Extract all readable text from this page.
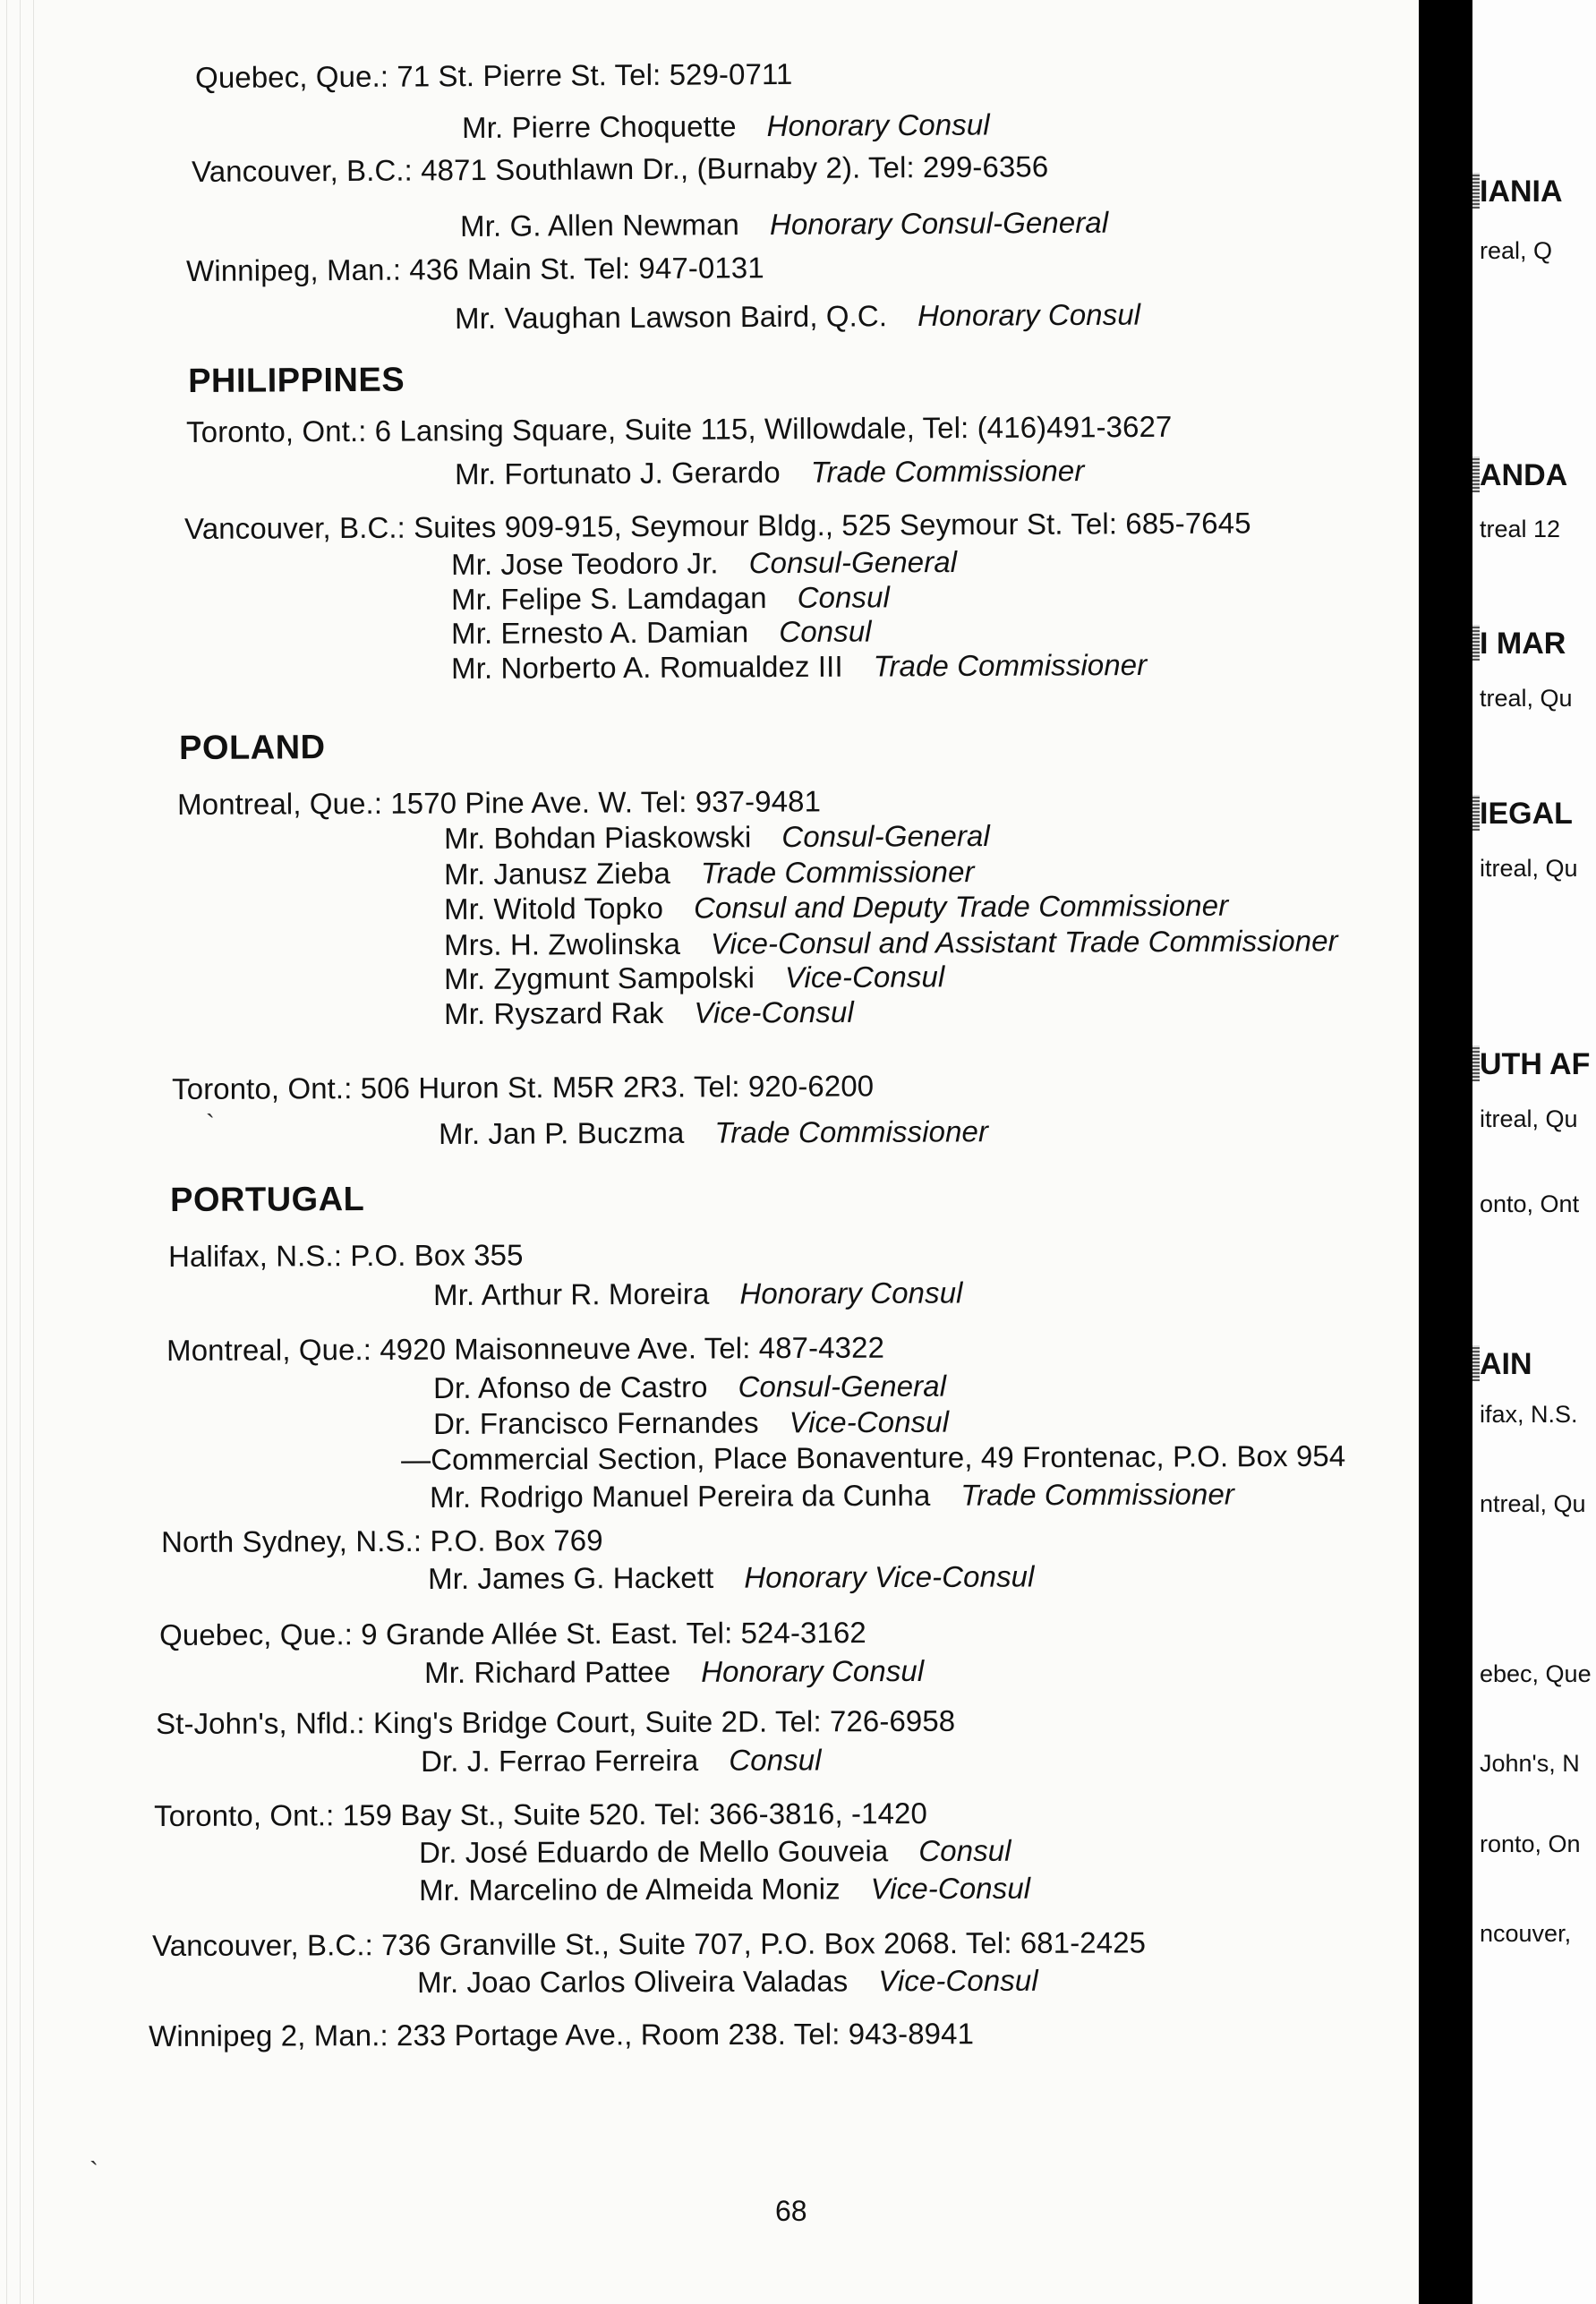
Quebec, Que.: 71 St. Pierre St. Tel: 529-0711
Mr. Pierre Choquette Honorary Consul
Vancouver, B.C.: 4871 Southlawn Dr., (Burnaby 2). Tel: 299-6356
Mr. G. Allen Newman Honorary Consul-General
Winnipeg, Man.: 436 Main St. Tel: 947-0131
Mr. Vaughan Lawson Baird, Q.C. Honorary Consul
PHILIPPINES
Toronto, Ont.: 6 Lansing Square, Suite 115, Willowdale, Tel: (416)491-3627
Mr. Fortunato J. Gerardo Trade Commissioner
Vancouver, B.C.: Suites 909-915, Seymour Bldg., 525 Seymour St. Tel: 685-7645
Mr. Jose Teodoro Jr. Consul-General
Mr. Felipe S. Lamdagan Consul
Mr. Ernesto A. Damian Consul
Mr. Norberto A. Romualdez III Trade Commissioner
POLAND
Montreal, Que.: 1570 Pine Ave. W. Tel: 937-9481
Mr. Bohdan Piaskowski Consul-General
Mr. Janusz Zieba Trade Commissioner
Mr. Witold Topko Consul and Deputy Trade Commissioner
Mrs. H. Zwolinska Vice-Consul and Assistant Trade Commissioner
Mr. Zygmunt Sampolski Vice-Consul
Mr. Ryszard Rak Vice-Consul
Toronto, Ont.: 506 Huron St. M5R 2R3. Tel: 920-6200
Mr. Jan P. Buczma Trade Commissioner
PORTUGAL
Halifax, N.S.: P.O. Box 355
Mr. Arthur R. Moreira Honorary Consul
Montreal, Que.: 4920 Maisonneuve Ave. Tel: 487-4322
Dr. Afonso de Castro Consul-General
Dr. Francisco Fernandes Vice-Consul
—Commercial Section, Place Bonaventure, 49 Frontenac, P.O. Box 954
Mr. Rodrigo Manuel Pereira da Cunha Trade Commissioner
North Sydney, N.S.: P.O. Box 769
Mr. James G. Hackett Honorary Vice-Consul
Quebec, Que.: 9 Grande Allée St. East. Tel: 524-3162
Mr. Richard Pattee Honorary Consul
St-John's, Nfld.: King's Bridge Court, Suite 2D. Tel: 726-6958
Dr. J. Ferrao Ferreira Consul
Toronto, Ont.: 159 Bay St., Suite 520. Tel: 366-3816, -1420
Dr. José Eduardo de Mello Gouveia Consul
Mr. Marcelino de Almeida Moniz Vice-Consul
Vancouver, B.C.: 736 Granville St., Suite 707, P.O. Box 2068. Tel: 681-2425
Mr. Joao Carlos Oliveira Valadas Vice-Consul
Winnipeg 2, Man.: 233 Portage Ave., Room 238. Tel: 943-8941
`
`
68
IANIA
real, Q
ANDA
treal 12
I MAR
treal, Qu
IEGAL
itreal, Qu
UTH AF
itreal, Qu
onto, Ont
AIN
ifax, N.S.
ntreal, Qu
ebec, Que
John's, N
ronto, On
ncouver,
